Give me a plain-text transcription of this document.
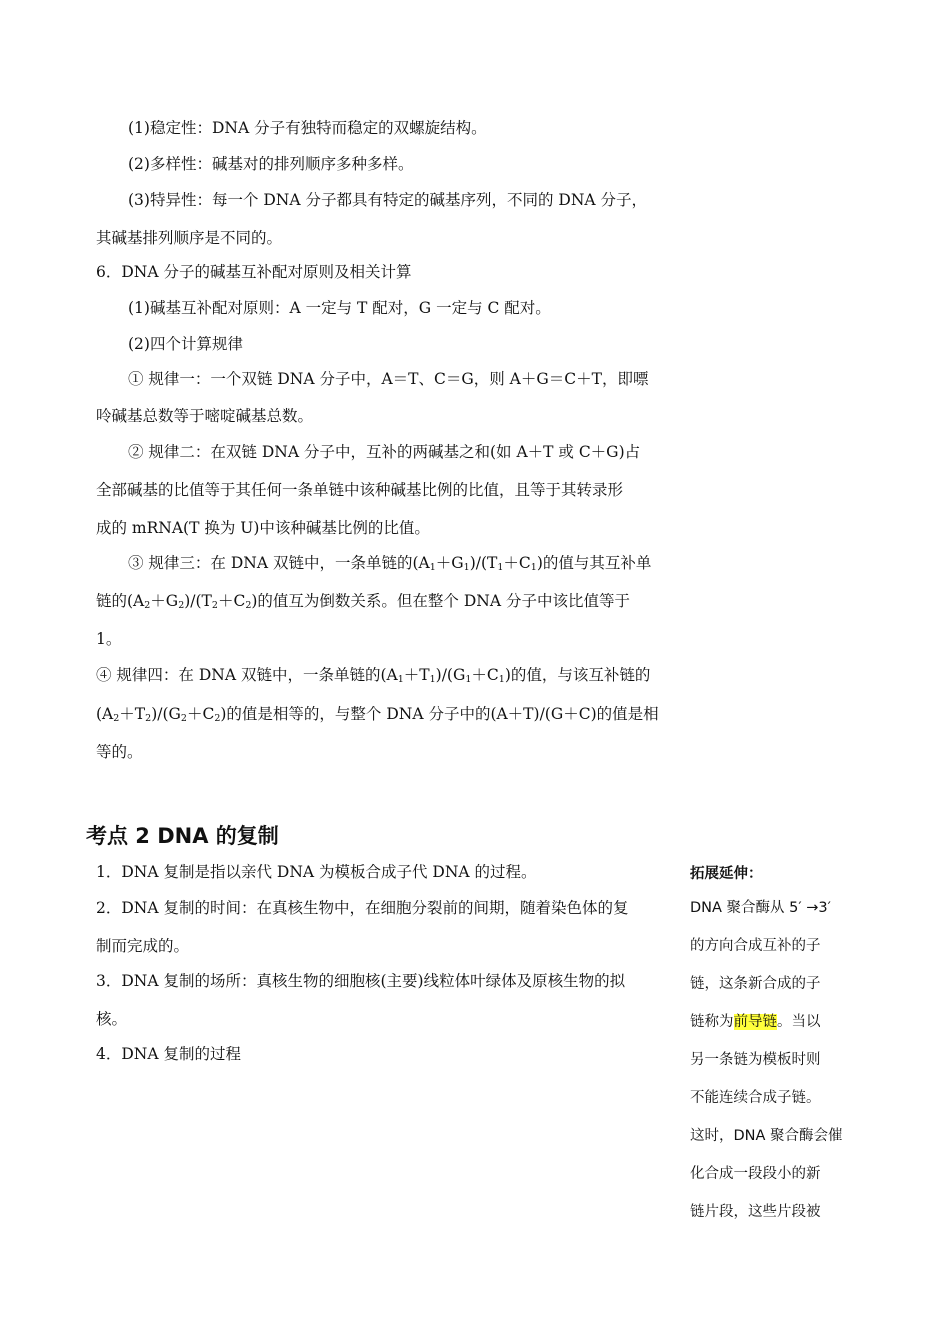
(1)稳定性：DNA 分子有独特而稳定的双螺旋结构。
(2)多样性：碱基对的排列顺序多种多样。
(3)特异性：每一个 DNA 分子都具有特定的碱基序列，不同的 DNA 分子，
其碱基排列顺序是不同的。
6．DNA 分子的碱基互补配对原则及相关计算
(1)碱基互补配对原则：A 一定与 T 配对，G 一定与 C 配对。
(2)四个计算规律
① 规律一：一个双链 DNA 分子中，A＝T、C＝G，则 A＋G＝C＋T，即嘌
呤碱基总数等于嘧啶碱基总数。
② 规律二：在双链 DNA 分子中，互补的两碱基之和(如 A＋T 或 C＋G)占
全部碱基的比值等于其任何一条单链中该种碱基比例的比值，且等于其转录形
成的 mRNA(T 换为 U)中该种碱基比例的比值。
③ 规律三：在 DNA 双链中，一条单链的$(A_1+G_1)/(T_1+C_1)$的值与其互补单
链的$(A_2+G_2)/(T_2+C_2)$的值互为倒数关系。但在整个 DNA 分子中该比值等于
1。
④ 规律四：在 DNA 双链中，一条单链的$(A_1+T_1)/(G_1+C_1)$的值，与该互补链的
$(A_2+T_2)/(G_2+C_2)$的值是相等的，与整个 DNA 分子中的(A＋T)/(G＋C)的值是相
等的。
考点 2 DNA 的复制
1．DNA 复制是指以亲代 DNA 为模板合成子代 DNA 的过程。
2．DNA 复制的时间：在真核生物中，在细胞分裂前的间期，随着染色体的复
制而完成的。
3．DNA 复制的场所：真核生物的细胞核(主要)线粒体叶绿体及原核生物的拟
核。
4．DNA 复制的过程
拓展延伸：
DNA 聚合酶从 5′ →3′
的方向合成互补的子
链，这条新合成的子
链称为前导链。当以
另一条链为模板时则
不能连续合成子链。
这时，DNA 聚合酶会催
化合成一段段小的新
链片段，这些片段被
